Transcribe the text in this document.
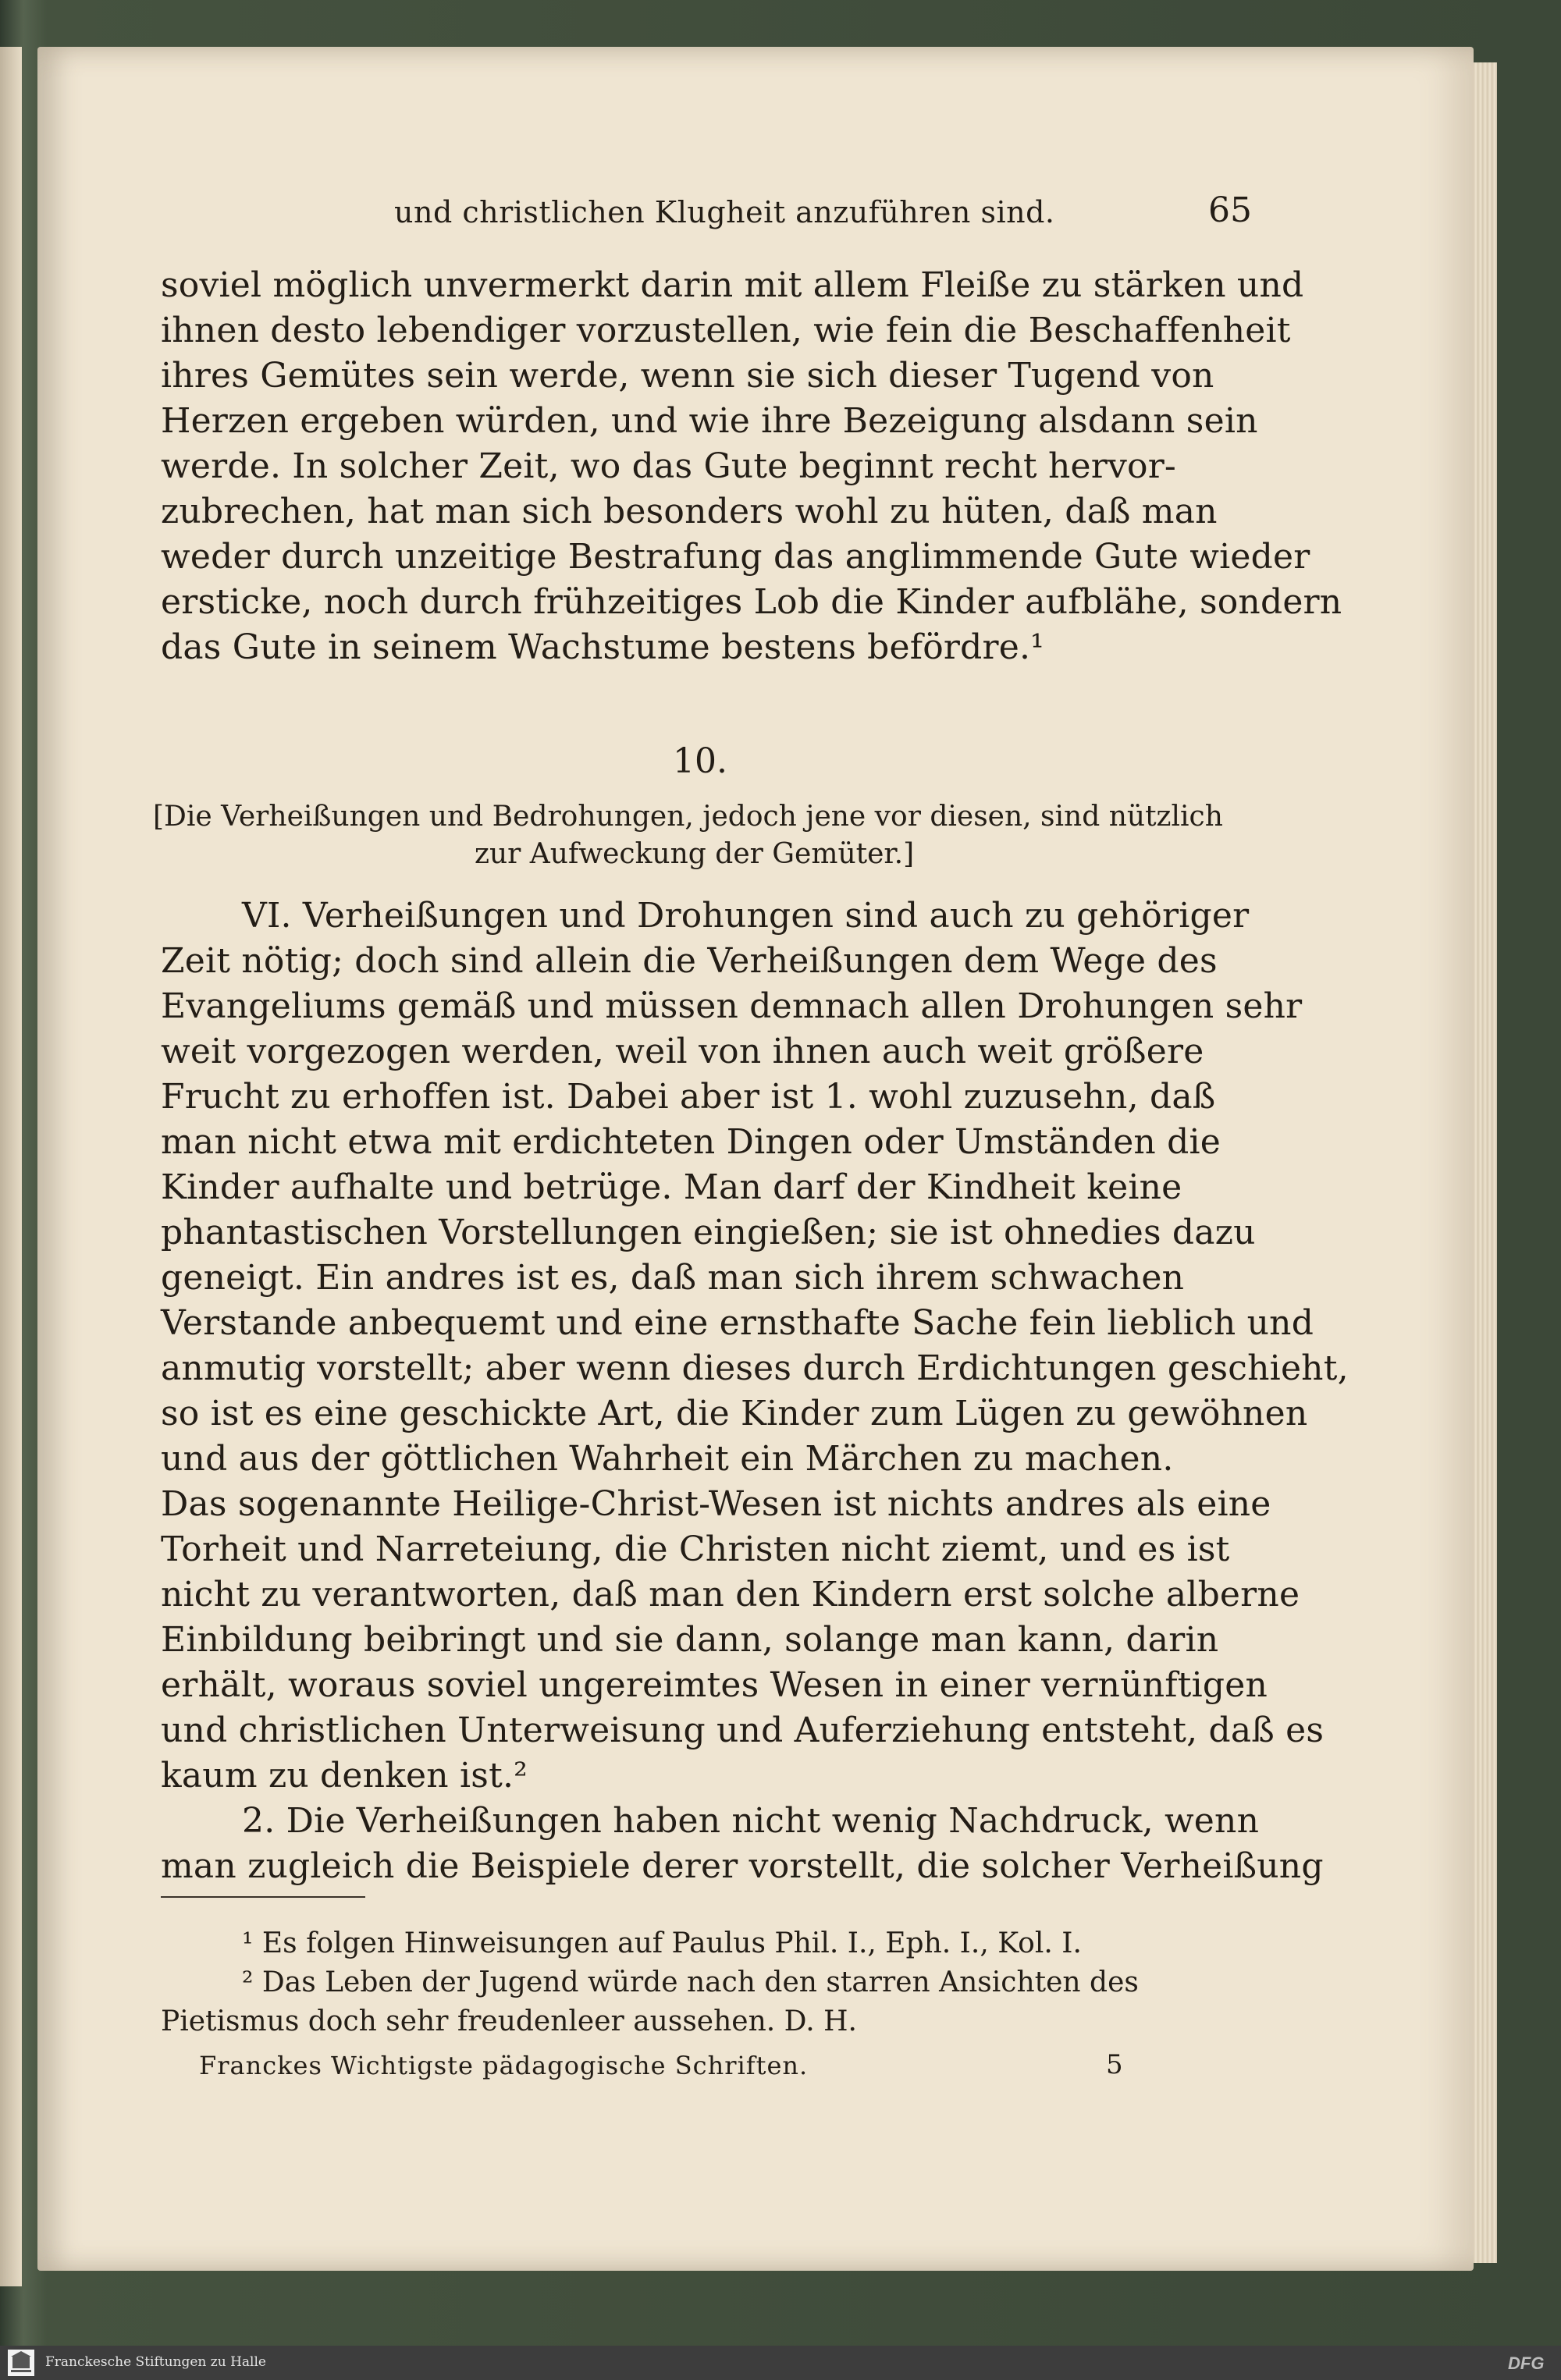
und christlichen Klugheit anzuführen sind.	65
soviel möglich unvermerkt darin mit allem Fleiße zu stärken und
ihnen desto lebendiger vorzustellen, wie fein die Beschaffenheit
ihres Gemütes sein werde, wenn sie sich dieser Tugend von
Herzen ergeben würden, und wie ihre Bezeigung alsdann sein
werde. In solcher Zeit, wo das Gute beginnt recht hervor-
zubrechen, hat man sich besonders wohl zu hüten, daß man
weder durch unzeitige Bestrafung das anglimmende Gute wieder
ersticke, noch durch frühzeitiges Lob die Kinder aufblähe, sondern
das Gute in seinem Wachstume bestens befördre.¹
10.
[Die Verheißungen und Bedrohungen, jedoch jene vor diesen, sind nützlich
zur Aufweckung der Gemüter.]
VI. Verheißungen und Drohungen sind auch zu gehöriger
Zeit nötig; doch sind allein die Verheißungen dem Wege des
Evangeliums gemäß und müssen demnach allen Drohungen sehr
weit vorgezogen werden, weil von ihnen auch weit größere
Frucht zu erhoffen ist. Dabei aber ist 1. wohl zuzusehn, daß
man nicht etwa mit erdichteten Dingen oder Umständen die
Kinder aufhalte und betrüge. Man darf der Kindheit keine
phantastischen Vorstellungen eingießen; sie ist ohnedies dazu
geneigt. Ein andres ist es, daß man sich ihrem schwachen
Verstande anbequemt und eine ernsthafte Sache fein lieblich und
anmutig vorstellt; aber wenn dieses durch Erdichtungen geschieht,
so ist es eine geschickte Art, die Kinder zum Lügen zu gewöhnen
und aus der göttlichen Wahrheit ein Märchen zu machen.
Das sogenannte Heilige-Christ-Wesen ist nichts andres als eine
Torheit und Narreteiung, die Christen nicht ziemt, und es ist
nicht zu verantworten, daß man den Kindern erst solche alberne
Einbildung beibringt und sie dann, solange man kann, darin
erhält, woraus soviel ungereimtes Wesen in einer vernünftigen
und christlichen Unterweisung und Auferziehung entsteht, daß es
kaum zu denken ist.²
2. Die Verheißungen haben nicht wenig Nachdruck, wenn
man zugleich die Beispiele derer vorstellt, die solcher Verheißung
¹ Es folgen Hinweisungen auf Paulus Phil. I., Eph. I., Kol. I.
² Das Leben der Jugend würde nach den starren Ansichten des
Pietismus doch sehr freudenleer aussehen. D. H.
Franckes Wichtigste pädagogische Schriften.	5
Franckesche Stiftungen zu Halle	DFG
